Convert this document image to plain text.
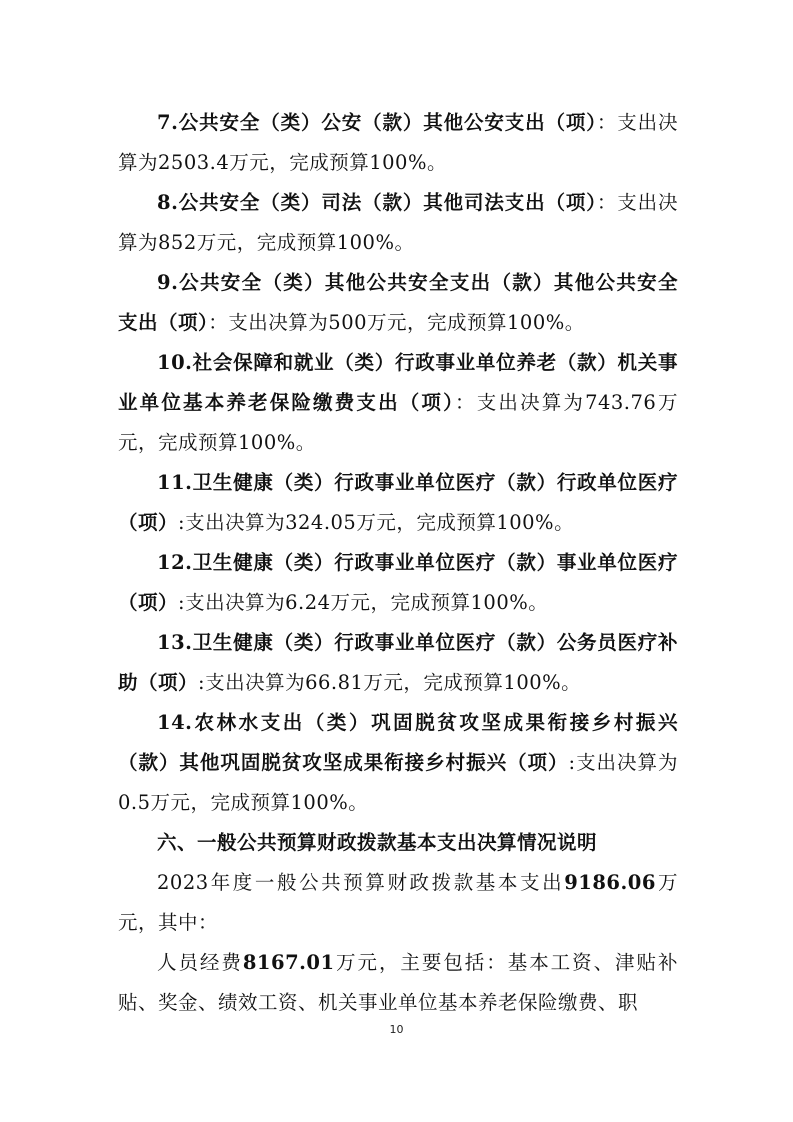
7.公共安全（类）公安（款）其他公安支出（项）：支出决算为2503.4万元，完成预算100%。

8.公共安全（类）司法（款）其他司法支出（项）：支出决算为852万元，完成预算100%。

9.公共安全（类）其他公共安全支出（款）其他公共安全支出（项）：支出决算为500万元，完成预算100%。

10.社会保障和就业（类）行政事业单位养老（款）机关事业单位基本养老保险缴费支出（项）：支出决算为743.76万元，完成预算100%。

11.卫生健康（类）行政事业单位医疗（款）行政单位医疗（项）:支出决算为324.05万元，完成预算100%。

12.卫生健康（类）行政事业单位医疗（款）事业单位医疗（项）:支出决算为6.24万元，完成预算100%。

13.卫生健康（类）行政事业单位医疗（款）公务员医疗补助（项）:支出决算为66.81万元，完成预算100%。

14.农林水支出（类）巩固脱贫攻坚成果衔接乡村振兴（款）其他巩固脱贫攻坚成果衔接乡村振兴（项）:支出决算为0.5万元，完成预算100%。

六、一般公共预算财政拨款基本支出决算情况说明

2023年度一般公共预算财政拨款基本支出9186.06万元，其中：

人员经费8167.01万元，主要包括：基本工资、津贴补贴、奖金、绩效工资、机关事业单位基本养老保险缴费、职

10
